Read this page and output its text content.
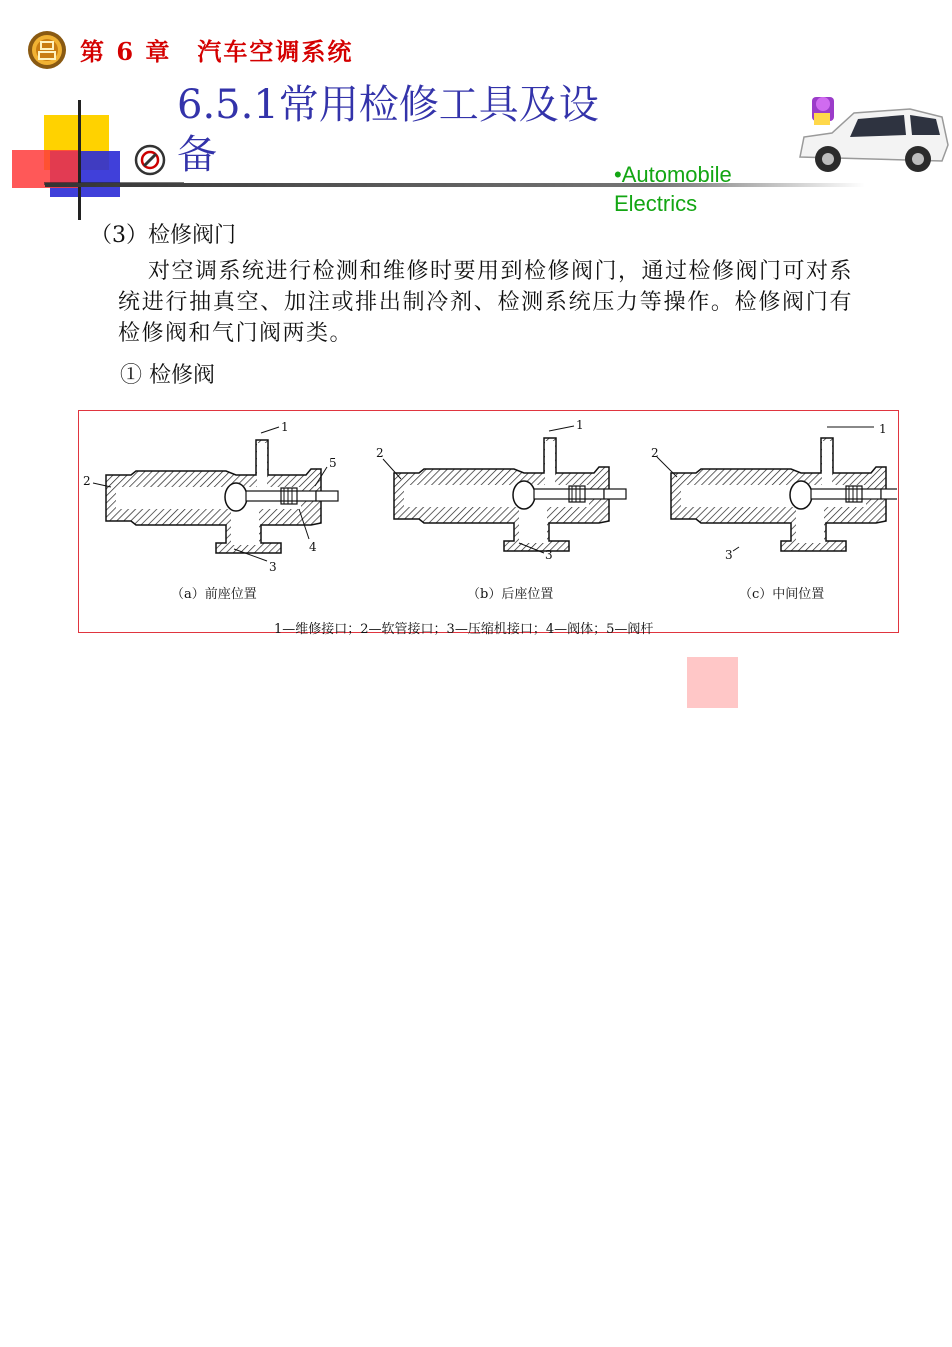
第 6 章　汽车空调系统
6.5.1常用检修工具及设备	•Automobile
Electrics
（3）检修阀门
对空调系统进行检测和维修时要用到检修阀门，通过检修阀门可对系统进行抽真空、加注或排出制冷剂、检测系统压力等操作。检修阀门有检修阀和气门阀两类。
① 检修阀
1
2
3
4
5
1
2
3
1
2
3
（a）前座位置	（b）后座位置	（c）中间位置
1—维修接口；2—软管接口；3—压缩机接口；4—阀体；5—阀杆
